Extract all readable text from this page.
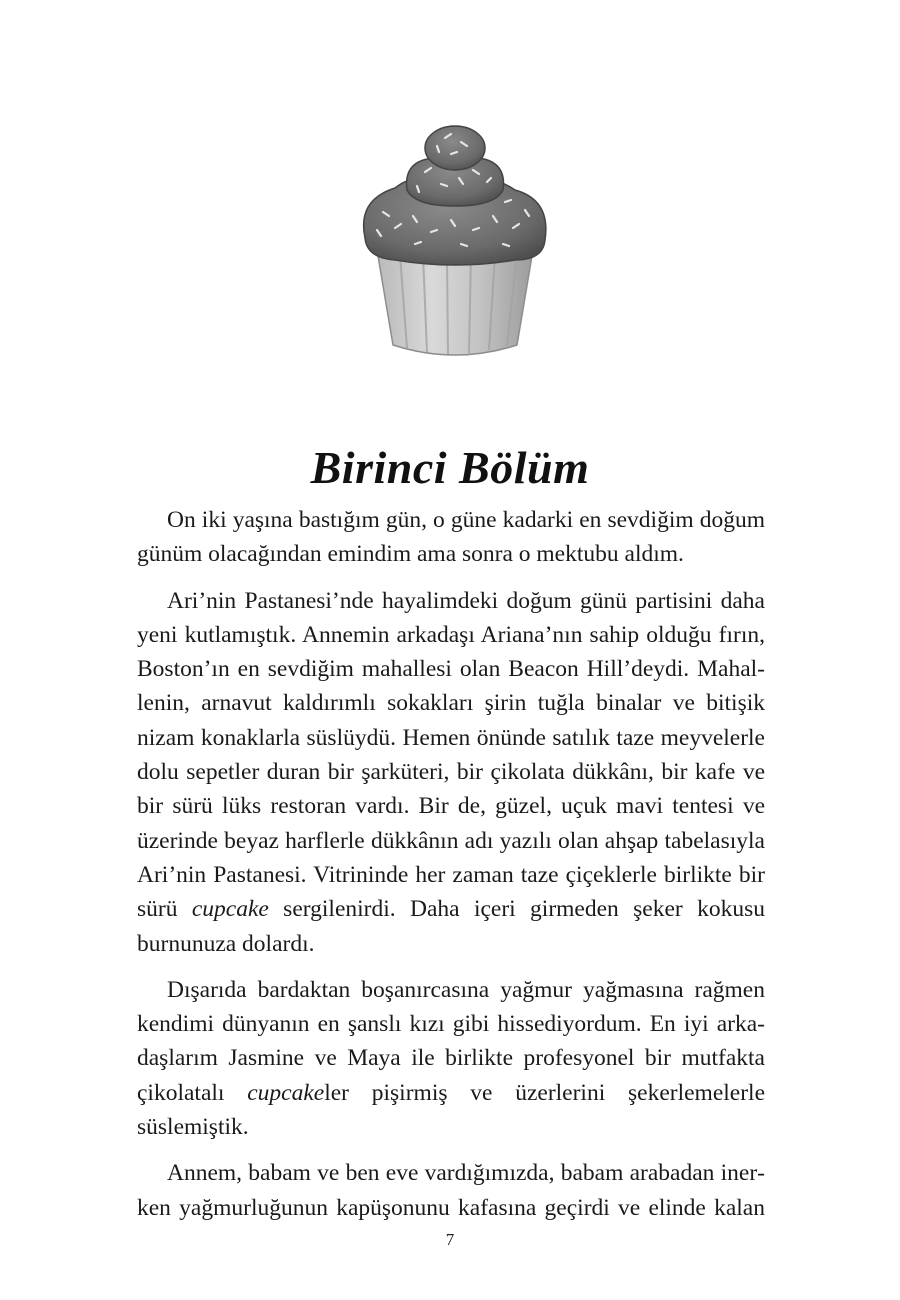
Birinci Bölüm

On iki yaşına bastığım gün, o güne kadarki en sevdiğim doğum günüm olacağından emindim ama sonra o mektubu aldım.

Ari’nin Pastanesi’nde hayalimdeki doğum günü partisini daha yeni kutlamıştık. Annemin arkadaşı Ariana’nın sahip olduğu fırın, Boston’ın en sevdiğim mahallesi olan Beacon Hill’deydi. Mahallenin, arnavut kaldırımlı sokakları şirin tuğla binalar ve bitişik nizam konaklarla süslüydü. Hemen önünde satılık taze meyvelerle dolu sepetler duran bir şarküteri, bir çikolata dükkânı, bir kafe ve bir sürü lüks restoran vardı. Bir de, güzel, uçuk mavi tentesi ve üzerinde beyaz harflerle dükkânın adı yazılı olan ahşap tabelasıyla Ari’nin Pastanesi. Vitrininde her zaman taze çiçeklerle birlikte bir sürü cupcake sergilenirdi. Daha içeri girmeden şeker kokusu burnunuza dolardı.

Dışarıda bardaktan boşanırcasına yağmur yağmasına rağmen kendimi dünyanın en şanslı kızı gibi hissediyordum. En iyi arkadaşlarım Jasmine ve Maya ile birlikte profesyonel bir mutfakta çikolatalı cupcakeler pişirmiş ve üzerlerini şekerlemelerle süslemiştik.

Annem, babam ve ben eve vardığımızda, babam arabadan inerken yağmurluğunun kapüşonunu kafasına geçirdi ve elinde kalan

7
